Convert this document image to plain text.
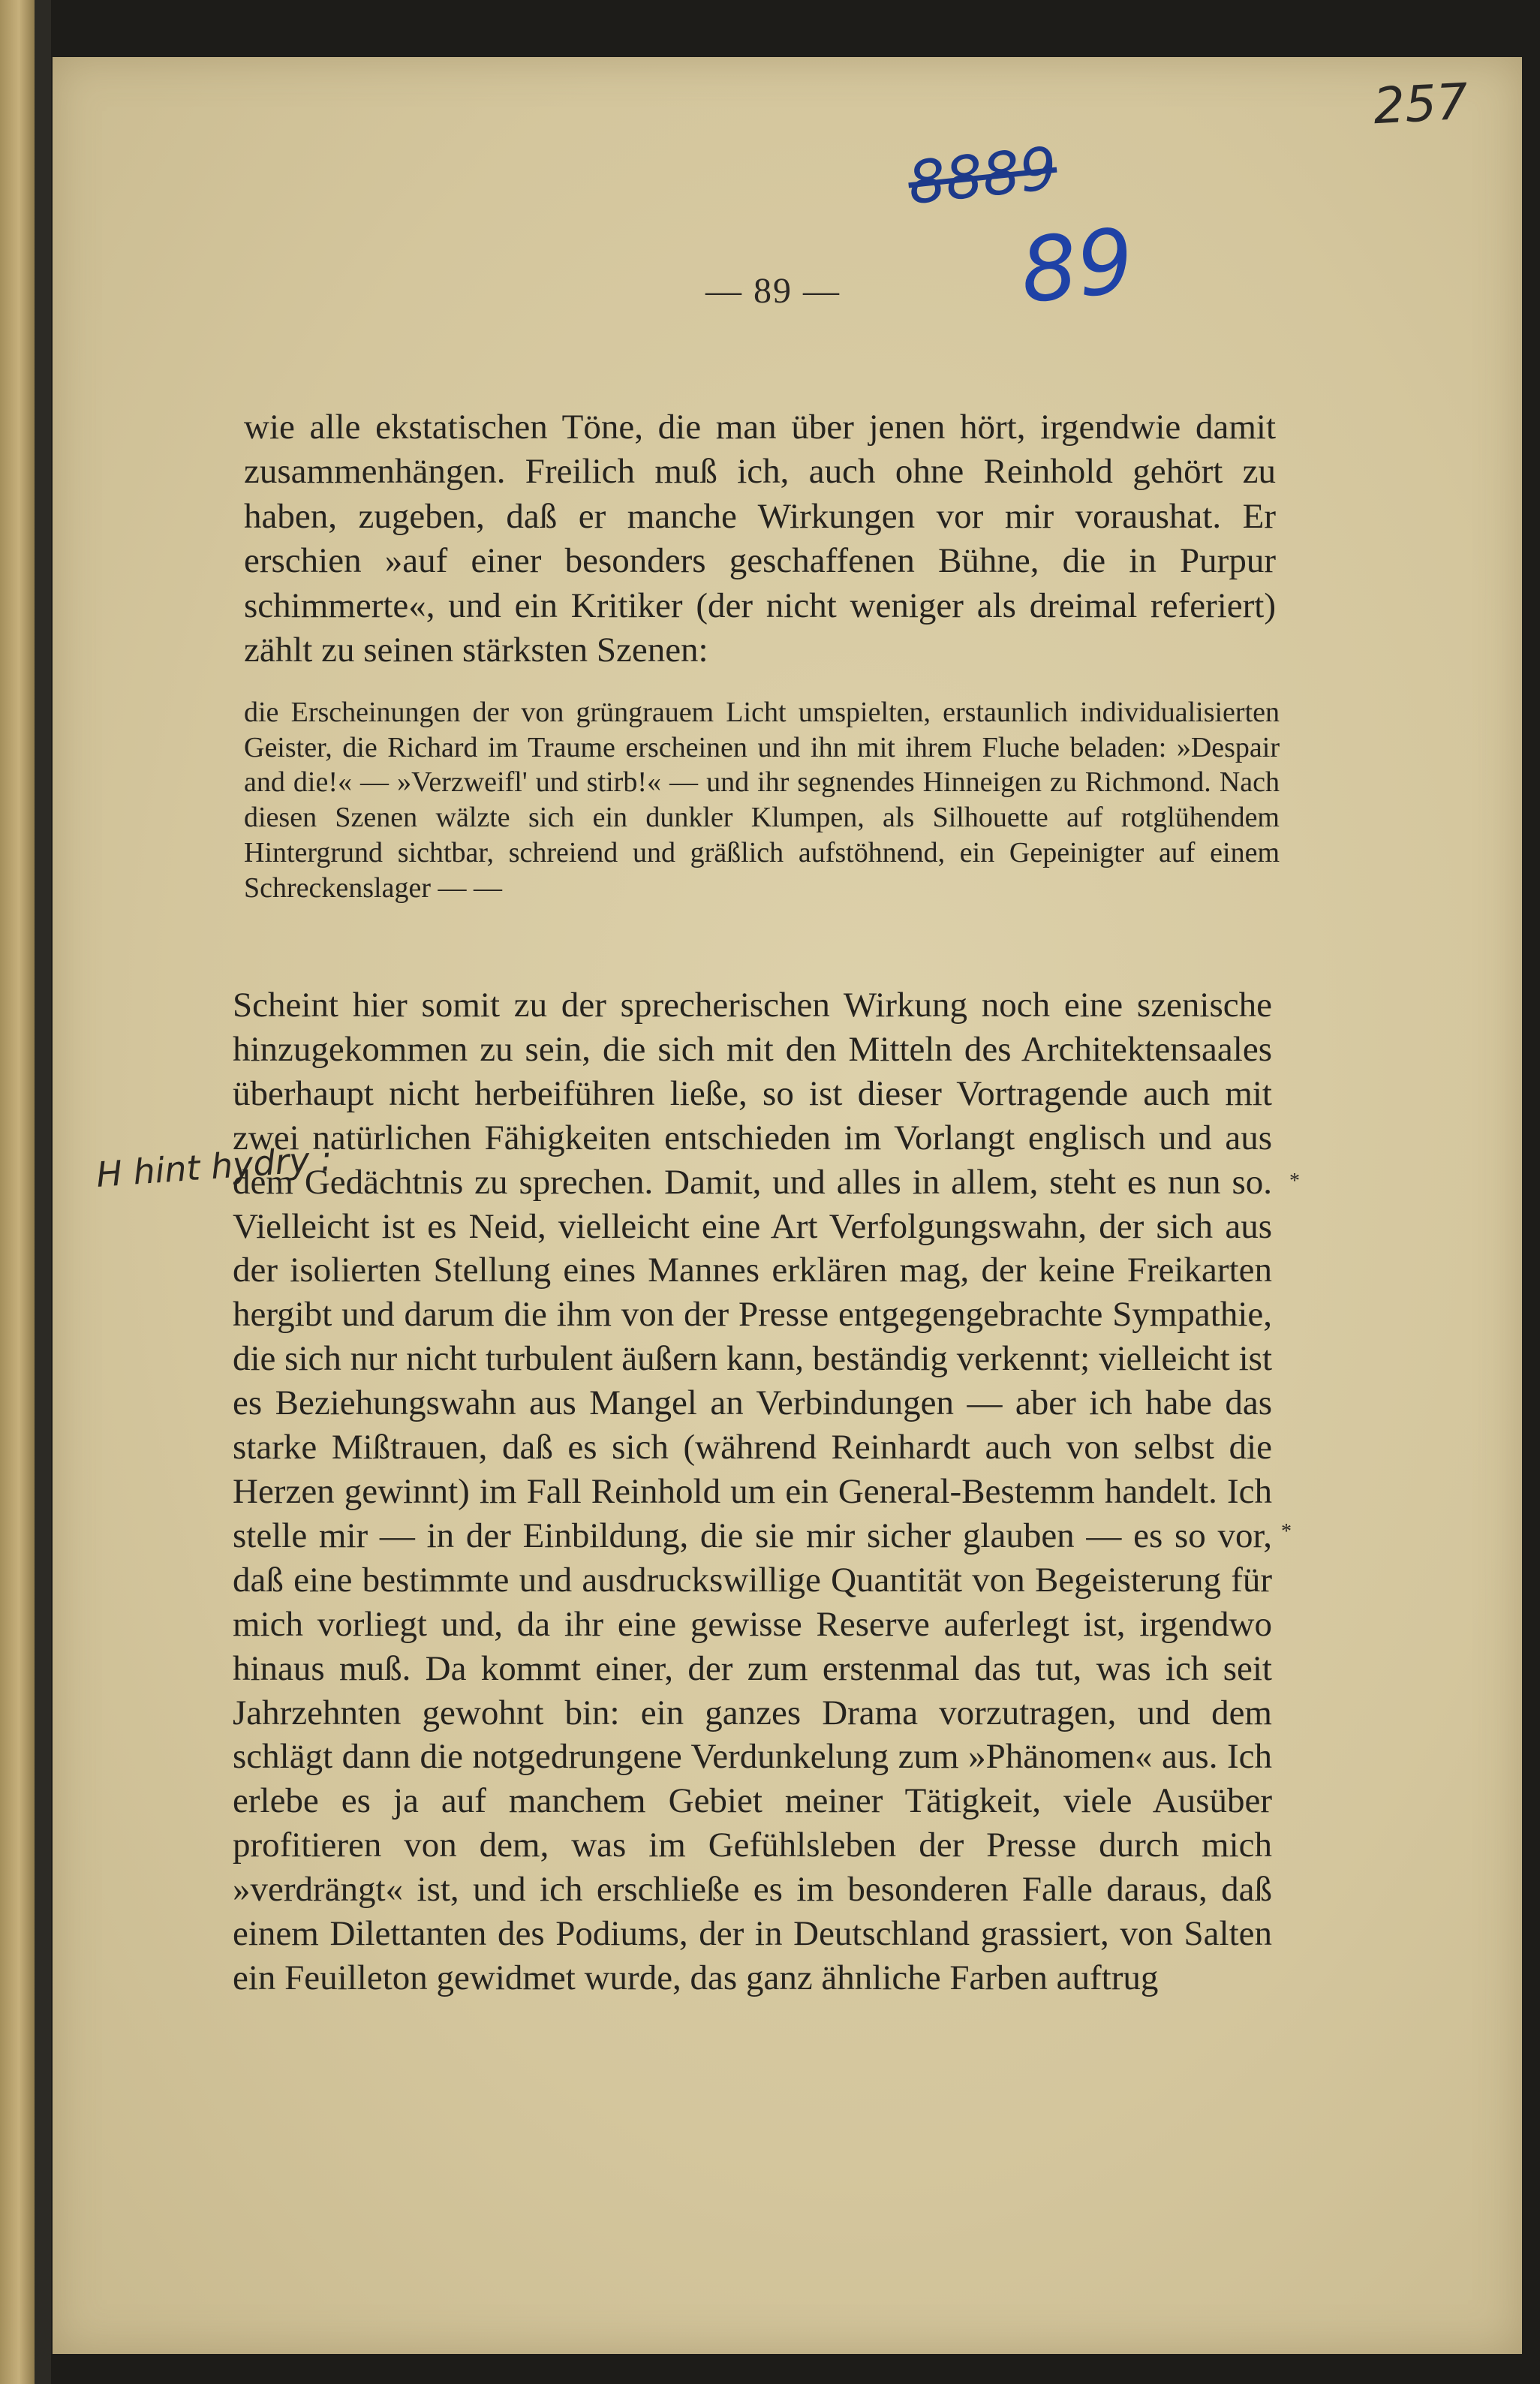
257
8889
89
— 89 —
H hint hydry :	*
*

wie alle ekstatischen Töne, die man über jenen hört, irgendwie damit zusammenhängen. Freilich muß ich, auch ohne Reinhold gehört zu haben, zugeben, daß er manche Wirkungen vor mir voraushat. Er erschien »auf einer besonders geschaffenen Bühne, die in Purpur schimmerte«, und ein Kritiker (der nicht weniger als dreimal referiert) zählt zu seinen stärksten Szenen:

die Erscheinungen der von grüngrauem Licht umspielten, erstaunlich individualisierten Geister, die Richard im Traume erscheinen und ihn mit ihrem Fluche beladen: »Despair and die!« — »Verzweifl' und stirb!« — und ihr segnendes Hinneigen zu Richmond. Nach diesen Szenen wälzte sich ein dunkler Klumpen, als Silhouette auf rotglühendem Hintergrund sichtbar, schreiend und gräßlich aufstöhnend, ein Gepeinigter auf einem Schreckenslager — —

Scheint hier somit zu der sprecherischen Wirkung noch eine szenische hinzugekommen zu sein, die sich mit den Mitteln des Architektensaales überhaupt nicht herbeiführen ließe, so ist dieser Vortragende auch mit zwei natürlichen Fähigkeiten entschieden im Vorlangt englisch und aus dem Gedächtnis zu sprechen. Damit, und alles in allem, steht es nun so. Vielleicht ist es Neid, vielleicht eine Art Verfolgungswahn, der sich aus der isolierten Stellung eines Mannes erklären mag, der keine Freikarten hergibt und darum die ihm von der Presse entgegengebrachte Sympathie, die sich nur nicht turbulent äußern kann, beständig verkennt; vielleicht ist es Beziehungswahn aus Mangel an Verbindungen — aber ich habe das starke Mißtrauen, daß es sich (während Reinhardt auch von selbst die Herzen gewinnt) im Fall Reinhold um ein General-Bestemm handelt. Ich stelle mir — in der Einbildung, die sie mir sicher glauben — es so vor, daß eine bestimmte und ausdruckswillige Quantität von Begeisterung für mich vorliegt und, da ihr eine gewisse Reserve auferlegt ist, irgendwo hinaus muß. Da kommt einer, der zum erstenmal das tut, was ich seit Jahrzehnten gewohnt bin: ein ganzes Drama vorzutragen, und dem schlägt dann die notgedrungene Verdunkelung zum »Phänomen« aus. Ich erlebe es ja auf manchem Gebiet meiner Tätigkeit, viele Ausüber profitieren von dem, was im Gefühlsleben der Presse durch mich »verdrängt« ist, und ich erschließe es im besonderen Falle daraus, daß einem Dilettanten des Podiums, der in Deutschland grassiert, von Salten ein Feuilleton gewidmet wurde, das ganz ähnliche Farben auftrug
